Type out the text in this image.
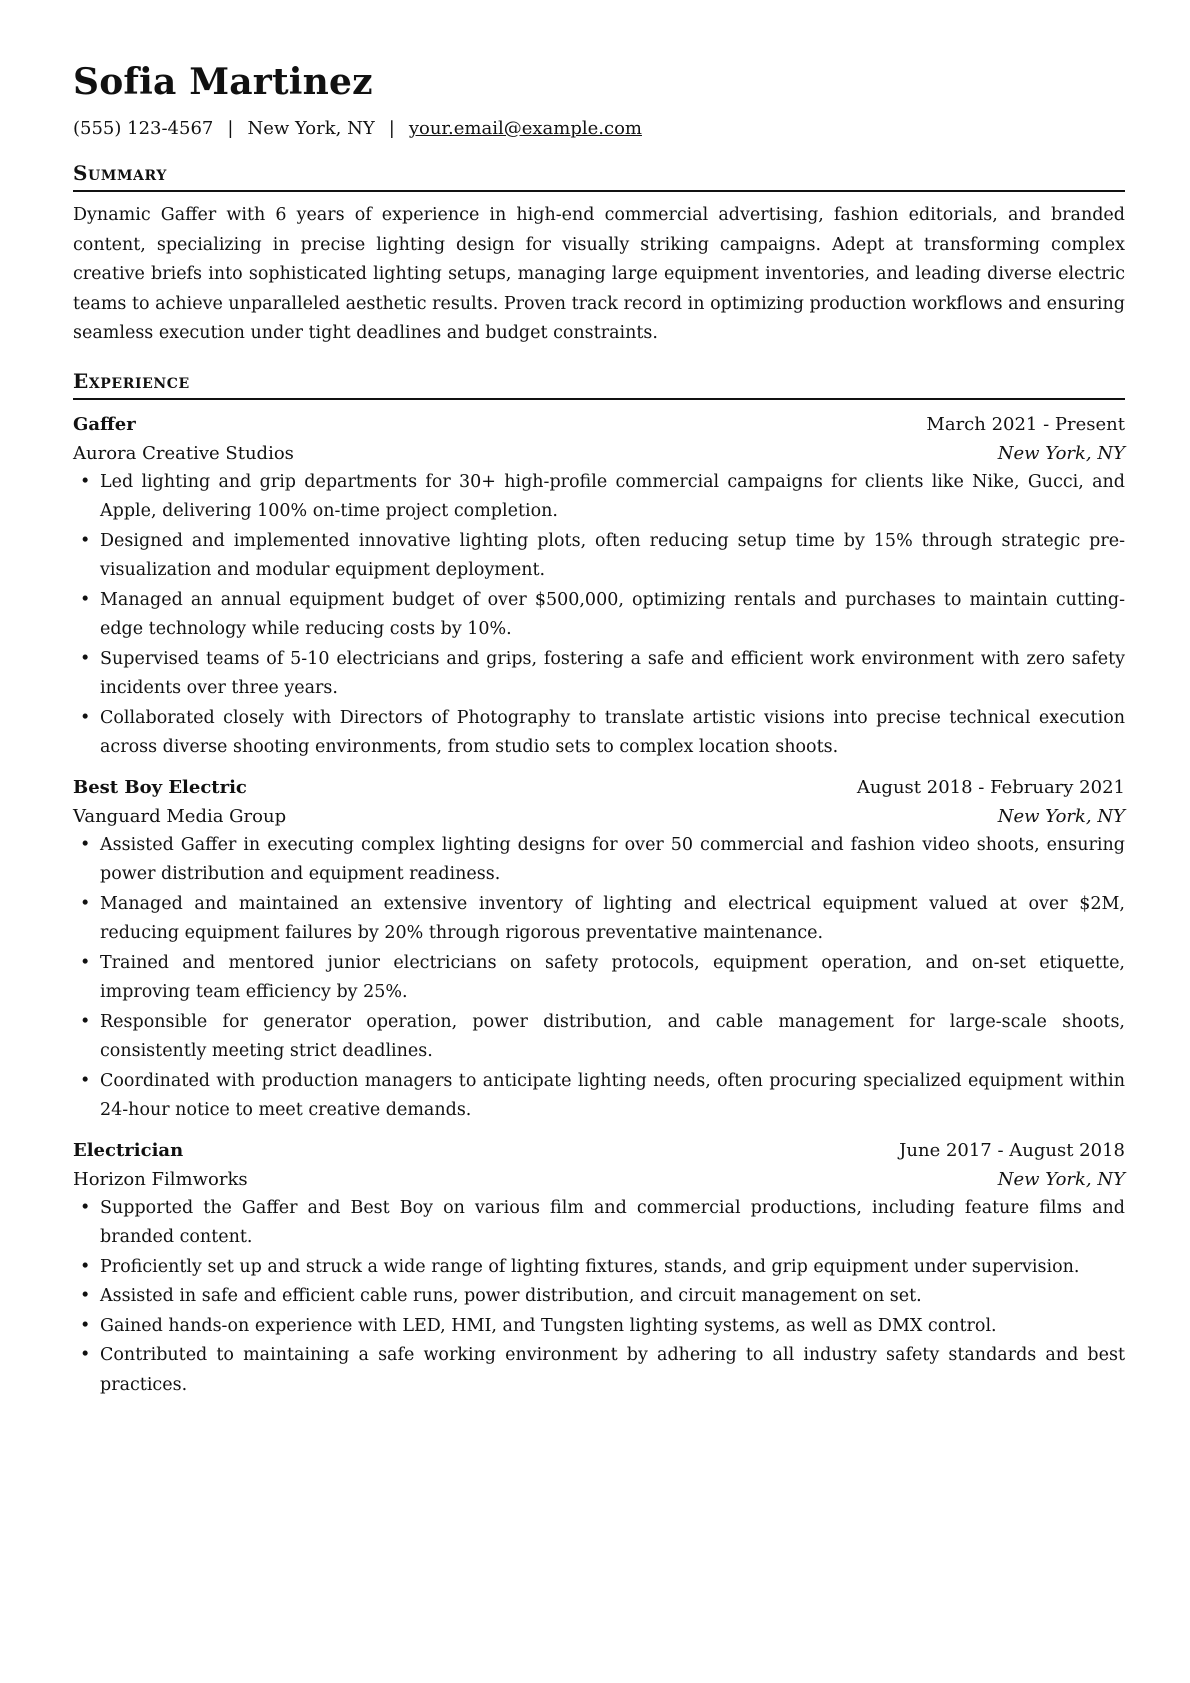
Sofia Martinez
(555) 123-4567 | New York, NY | your.email@example.com
Summary

Dynamic Gaffer with 6 years of experience in high-end commercial advertising, fashion editorials, and branded content, specializing in precise lighting design for visually striking campaigns. Adept at transforming complex creative briefs into sophisticated lighting setups, managing large equipment inventories, and leading diverse electric teams to achieve unparalleled aesthetic results. Proven track record in optimizing production workflows and ensuring seamless execution under tight deadlines and budget constraints.

Experience
Gaffer	March 2021 - Present
Aurora Creative Studios	New York, NY
• Led lighting and grip departments for 30+ high-profile commercial campaigns for clients like Nike, Gucci, and Apple, delivering 100% on-time project completion.
• Designed and implemented innovative lighting plots, often reducing setup time by 15% through strategic pre-visualization and modular equipment deployment.
• Managed an annual equipment budget of over $500,000, optimizing rentals and purchases to maintain cutting-edge technology while reducing costs by 10%.
• Supervised teams of 5-10 electricians and grips, fostering a safe and efficient work environment with zero safety incidents over three years.
• Collaborated closely with Directors of Photography to translate artistic visions into precise technical execution across diverse shooting environments, from studio sets to complex location shoots.
Best Boy Electric	August 2018 - February 2021
Vanguard Media Group	New York, NY
• Assisted Gaffer in executing complex lighting designs for over 50 commercial and fashion video shoots, ensuring power distribution and equipment readiness.
• Managed and maintained an extensive inventory of lighting and electrical equipment valued at over $2M, reducing equipment failures by 20% through rigorous preventative maintenance.
• Trained and mentored junior electricians on safety protocols, equipment operation, and on-set etiquette, improving team efficiency by 25%.
• Responsible for generator operation, power distribution, and cable management for large-scale shoots, consistently meeting strict deadlines.
• Coordinated with production managers to anticipate lighting needs, often procuring specialized equipment within 24-hour notice to meet creative demands.
Electrician	June 2017 - August 2018
Horizon Filmworks	New York, NY
• Supported the Gaffer and Best Boy on various film and commercial productions, including feature films and branded content.
• Proficiently set up and struck a wide range of lighting fixtures, stands, and grip equipment under supervision.
• Assisted in safe and efficient cable runs, power distribution, and circuit management on set.
• Gained hands-on experience with LED, HMI, and Tungsten lighting systems, as well as DMX control.
• Contributed to maintaining a safe working environment by adhering to all industry safety standards and best practices.
